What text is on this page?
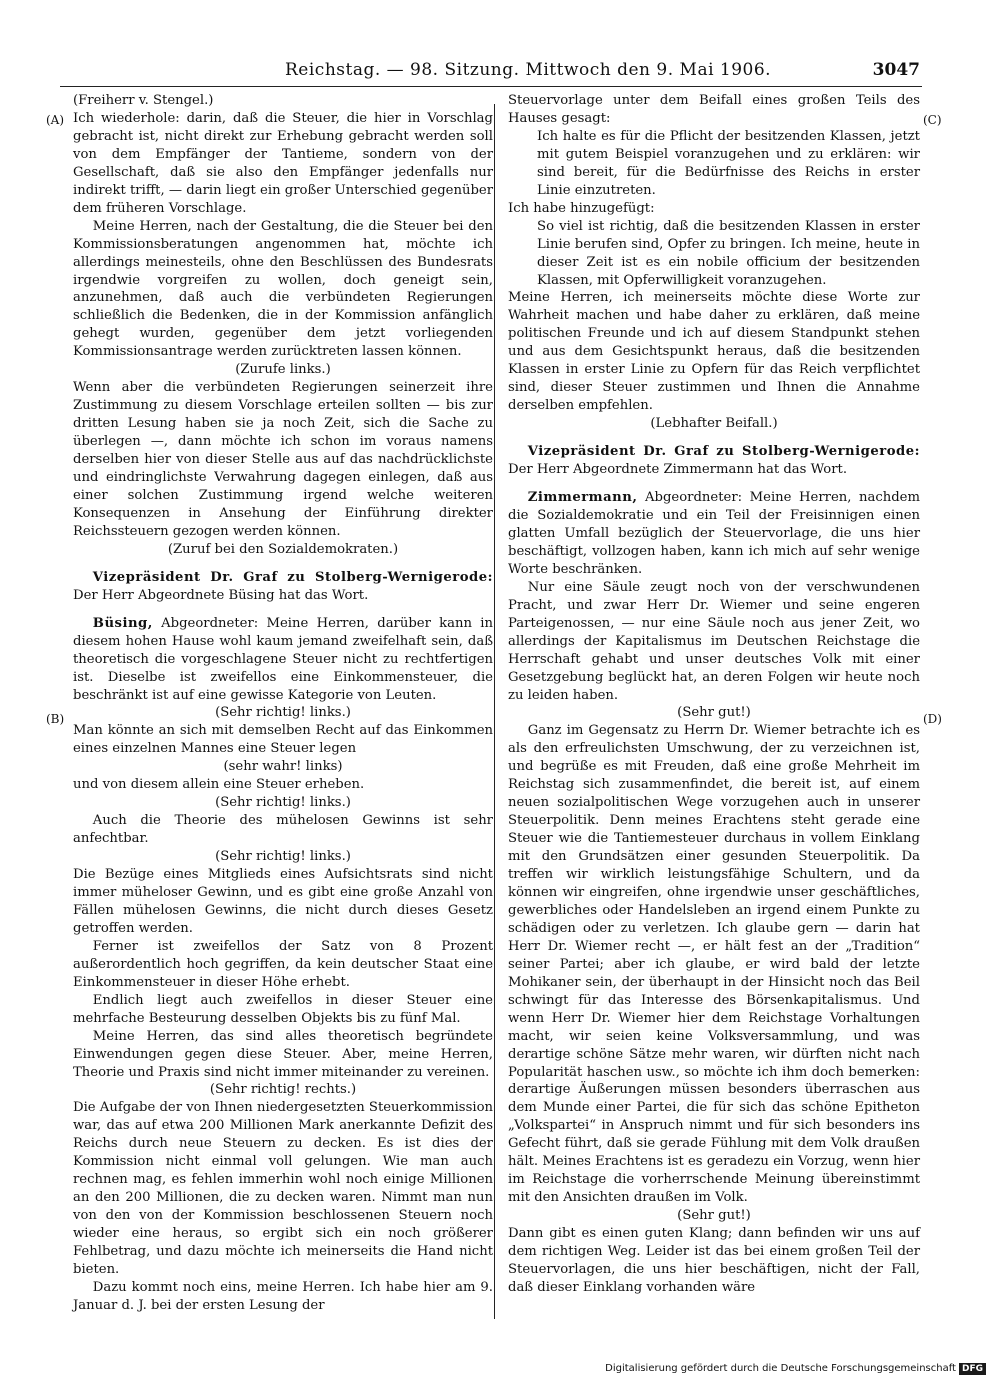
Reichstag. — 98. Sitzung. Mittwoch den 9. Mai 1906.	3047
(A)
(B)
(C)
(D)

(Freiherr v. Stengel.)

Ich wiederhole: darin, daß die Steuer, die hier in Vorschlag gebracht ist, nicht direkt zur Erhebung gebracht werden soll von dem Empfänger der Tantieme, sondern von der Gesellschaft, daß sie also den Empfänger jedenfalls nur indirekt trifft, — darin liegt ein großer Unterschied gegenüber dem früheren Vorschlage.

Meine Herren, nach der Gestaltung, die die Steuer bei den Kommissionsberatungen angenommen hat, möchte ich allerdings meinesteils, ohne den Beschlüssen des Bundesrats irgendwie vorgreifen zu wollen, doch geneigt sein, anzunehmen, daß auch die verbündeten Regierungen schließlich die Bedenken, die in der Kommission anfänglich gehegt wurden, gegenüber dem jetzt vorliegenden Kommissionsantrage werden zurücktreten lassen können.

(Zurufe links.)

Wenn aber die verbündeten Regierungen seinerzeit ihre Zustimmung zu diesem Vorschlage erteilen sollten — bis zur dritten Lesung haben sie ja noch Zeit, sich die Sache zu überlegen —, dann möchte ich schon im voraus namens derselben hier von dieser Stelle aus auf das nachdrücklichste und eindringlichste Verwahrung dagegen einlegen, daß aus einer solchen Zustimmung irgend welche weiteren Konsequenzen in Ansehung der Einführung direkter Reichssteuern gezogen werden können.

(Zuruf bei den Sozialdemokraten.)

Vizepräsident Dr. Graf zu Stolberg-Wernigerode: Der Herr Abgeordnete Büsing hat das Wort.

Büsing, Abgeordneter: Meine Herren, darüber kann in diesem hohen Hause wohl kaum jemand zweifelhaft sein, daß theoretisch die vorgeschlagene Steuer nicht zu rechtfertigen ist. Dieselbe ist zweifellos eine Einkommensteuer, die beschränkt ist auf eine gewisse Kategorie von Leuten.

(Sehr richtig! links.)

Man könnte an sich mit demselben Recht auf das Einkommen eines einzelnen Mannes eine Steuer legen

(sehr wahr! links)

und von diesem allein eine Steuer erheben.

(Sehr richtig! links.)

Auch die Theorie des mühelosen Gewinns ist sehr anfechtbar.

(Sehr richtig! links.)

Die Bezüge eines Mitglieds eines Aufsichtsrats sind nicht immer müheloser Gewinn, und es gibt eine große Anzahl von Fällen mühelosen Gewinns, die nicht durch dieses Gesetz getroffen werden.

Ferner ist zweifellos der Satz von 8 Prozent außerordentlich hoch gegriffen, da kein deutscher Staat eine Einkommensteuer in dieser Höhe erhebt.

Endlich liegt auch zweifellos in dieser Steuer eine mehrfache Besteurung desselben Objekts bis zu fünf Mal.

Meine Herren, das sind alles theoretisch begründete Einwendungen gegen diese Steuer. Aber, meine Herren, Theorie und Praxis sind nicht immer miteinander zu vereinen.

(Sehr richtig! rechts.)

Die Aufgabe der von Ihnen niedergesetzten Steuerkommission war, das auf etwa 200 Millionen Mark anerkannte Defizit des Reichs durch neue Steuern zu decken. Es ist dies der Kommission nicht einmal voll gelungen. Wie man auch rechnen mag, es fehlen immerhin wohl noch einige Millionen an den 200 Millionen, die zu decken waren. Nimmt man nun von den von der Kommission beschlossenen Steuern noch wieder eine heraus, so ergibt sich ein noch größerer Fehlbetrag, und dazu möchte ich meinerseits die Hand nicht bieten.

Dazu kommt noch eins, meine Herren. Ich habe hier am 9. Januar d. J. bei der ersten Lesung der

Steuervorlage unter dem Beifall eines großen Teils des Hauses gesagt:

Ich halte es für die Pflicht der besitzenden Klassen, jetzt mit gutem Beispiel voranzugehen und zu erklären: wir sind bereit, für die Bedürfnisse des Reichs in erster Linie einzutreten.

Ich habe hinzugefügt:

So viel ist richtig, daß die besitzenden Klassen in erster Linie berufen sind, Opfer zu bringen. Ich meine, heute in dieser Zeit ist es ein nobile officium der besitzenden Klassen, mit Opferwilligkeit voranzugehen.

Meine Herren, ich meinerseits möchte diese Worte zur Wahrheit machen und habe daher zu erklären, daß meine politischen Freunde und ich auf diesem Standpunkt stehen und aus dem Gesichtspunkt heraus, daß die besitzenden Klassen in erster Linie zu Opfern für das Reich verpflichtet sind, dieser Steuer zustimmen und Ihnen die Annahme derselben empfehlen.

(Lebhafter Beifall.)

Vizepräsident Dr. Graf zu Stolberg-Wernigerode: Der Herr Abgeordnete Zimmermann hat das Wort.

Zimmermann, Abgeordneter: Meine Herren, nachdem die Sozialdemokratie und ein Teil der Freisinnigen einen glatten Umfall bezüglich der Steuervorlage, die uns hier beschäftigt, vollzogen haben, kann ich mich auf sehr wenige Worte beschränken.

Nur eine Säule zeugt noch von der verschwundenen Pracht, und zwar Herr Dr. Wiemer und seine engeren Parteigenossen, — nur eine Säule noch aus jener Zeit, wo allerdings der Kapitalismus im Deutschen Reichstage die Herrschaft gehabt und unser deutsches Volk mit einer Gesetzgebung beglückt hat, an deren Folgen wir heute noch zu leiden haben.

(Sehr gut!)

Ganz im Gegensatz zu Herrn Dr. Wiemer betrachte ich es als den erfreulichsten Umschwung, der zu verzeichnen ist, und begrüße es mit Freuden, daß eine große Mehrheit im Reichstag sich zusammenfindet, die bereit ist, auf einem neuen sozialpolitischen Wege vorzugehen auch in unserer Steuerpolitik. Denn meines Erachtens steht gerade eine Steuer wie die Tantiemesteuer durchaus in vollem Einklang mit den Grundsätzen einer gesunden Steuerpolitik. Da treffen wir wirklich leistungsfähige Schultern, und da können wir eingreifen, ohne irgendwie unser geschäftliches, gewerbliches oder Handelsleben an irgend einem Punkte zu schädigen oder zu verletzen. Ich glaube gern — darin hat Herr Dr. Wiemer recht —, er hält fest an der „Tradition“ seiner Partei; aber ich glaube, er wird bald der letzte Mohikaner sein, der überhaupt in der Hinsicht noch das Beil schwingt für das Interesse des Börsenkapitalismus. Und wenn Herr Dr. Wiemer hier dem Reichstage Vorhaltungen macht, wir seien keine Volksversammlung, und was derartige schöne Sätze mehr waren, wir dürften nicht nach Popularität haschen usw., so möchte ich ihm doch bemerken: derartige Äußerungen müssen besonders überraschen aus dem Munde einer Partei, die für sich das schöne Epitheton „Volkspartei“ in Anspruch nimmt und für sich besonders ins Gefecht führt, daß sie gerade Fühlung mit dem Volk draußen hält. Meines Erachtens ist es geradezu ein Vorzug, wenn hier im Reichstage die vorherrschende Meinung übereinstimmt mit den Ansichten draußen im Volk.

(Sehr gut!)

Dann gibt es einen guten Klang; dann befinden wir uns auf dem richtigen Weg. Leider ist das bei einem großen Teil der Steuervorlagen, die uns hier beschäftigen, nicht der Fall, daß dieser Einklang vorhanden wäre

Digitalisierung gefördert durch die Deutsche Forschungsgemeinschaft DFG
